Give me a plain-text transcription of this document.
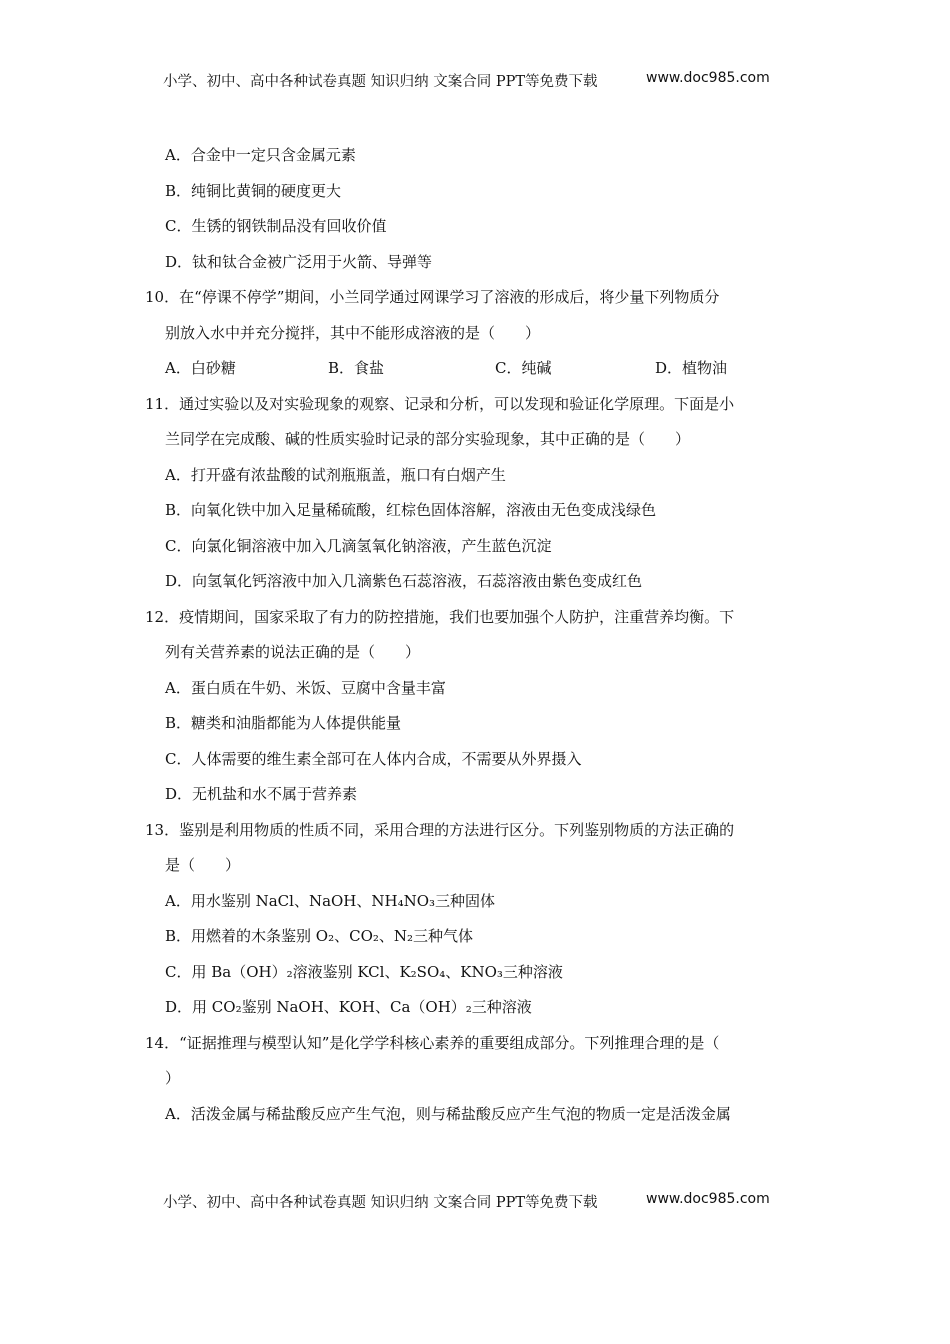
小学、初中、高中各种试卷真题 知识归纳 文案合同 PPT等免费下载	www.doc985.com
A．合金中一定只含金属元素
B．纯铜比黄铜的硬度更大
C．生锈的钢铁制品没有回收价值
D．钛和钛合金被广泛用于火箭、导弹等
10．在“停课不停学”期间，小兰同学通过网课学习了溶液的形成后，将少量下列物质分
别放入水中并充分搅拌，其中不能形成溶液的是（　　）
A．白砂糖	B．食盐	C．纯碱	D．植物油
11．通过实验以及对实验现象的观察、记录和分析，可以发现和验证化学原理。下面是小
兰同学在完成酸、碱的性质实验时记录的部分实验现象，其中正确的是（　　）
A．打开盛有浓盐酸的试剂瓶瓶盖，瓶口有白烟产生
B．向氧化铁中加入足量稀硫酸，红棕色固体溶解，溶液由无色变成浅绿色
C．向氯化铜溶液中加入几滴氢氧化钠溶液，产生蓝色沉淀
D．向氢氧化钙溶液中加入几滴紫色石蕊溶液，石蕊溶液由紫色变成红色
12．疫情期间，国家采取了有力的防控措施，我们也要加强个人防护，注重营养均衡。下
列有关营养素的说法正确的是（　　）
A．蛋白质在牛奶、米饭、豆腐中含量丰富
B．糖类和油脂都能为人体提供能量
C．人体需要的维生素全部可在人体内合成，不需要从外界摄入
D．无机盐和水不属于营养素
13．鉴别是利用物质的性质不同，采用合理的方法进行区分。下列鉴别物质的方法正确的
是（　　）
A．用水鉴别 NaCl、NaOH、NH₄NO₃三种固体
B．用燃着的木条鉴别 O₂、CO₂、N₂三种气体
C．用 Ba（OH）₂溶液鉴别 KCl、K₂SO₄、KNO₃三种溶液
D．用 CO₂鉴别 NaOH、KOH、Ca（OH）₂三种溶液
14．“证据推理与模型认知”是化学学科核心素养的重要组成部分。下列推理合理的是（
）
A．活泼金属与稀盐酸反应产生气泡，则与稀盐酸反应产生气泡的物质一定是活泼金属
小学、初中、高中各种试卷真题 知识归纳 文案合同 PPT等免费下载	www.doc985.com
